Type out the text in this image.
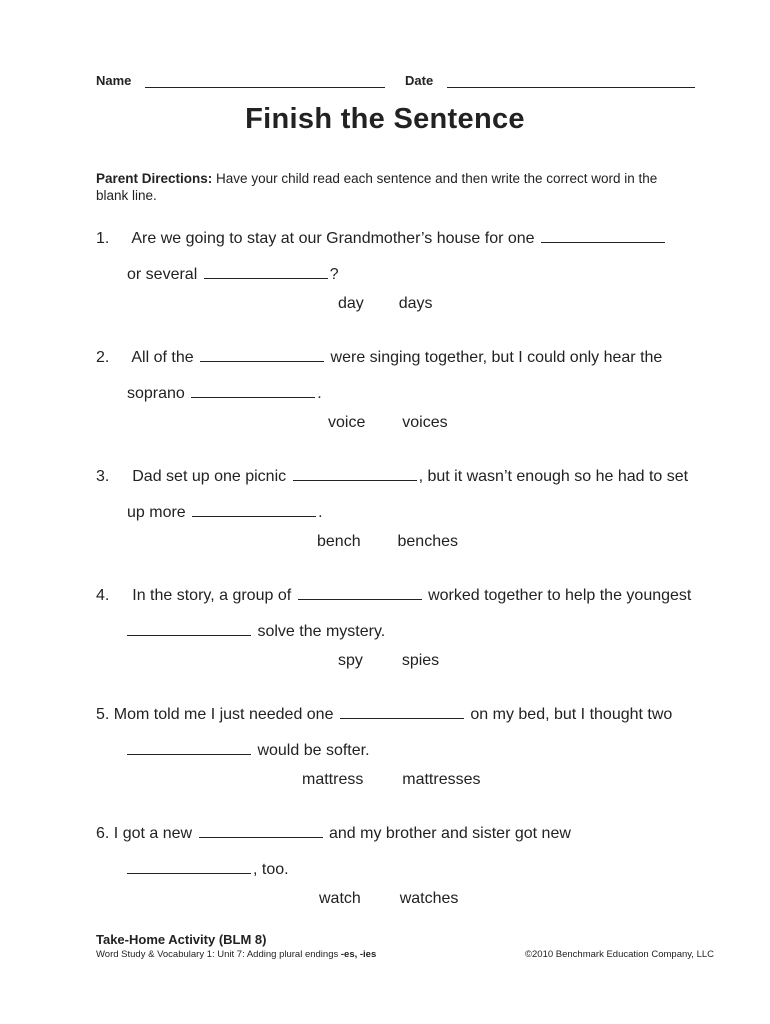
Name	Date
Finish the Sentence
Parent Directions: Have your child read each sentence and then write the correct word in the blank line.
1. Are we going to stay at our Grandmother’s house for one
or several	?
day days
2. All of the	were singing together, but I could only hear the
soprano	.
voice voices
3. Dad set up one picnic	, but it wasn’t enough so he had to set
up more	.
bench benches
4. In the story, a group of	worked together to help the youngest
solve the mystery.
spy spies
5. Mom told me I just needed one	on my bed, but I thought two
would be softer.
mattress mattresses
6. I got a new	and my brother and sister got new
, too.
watch watches
Take-Home Activity (BLM 8)
Word Study & Vocabulary 1: Unit 7: Adding plural endings -es, -ies	©2010 Benchmark Education Company, LLC
